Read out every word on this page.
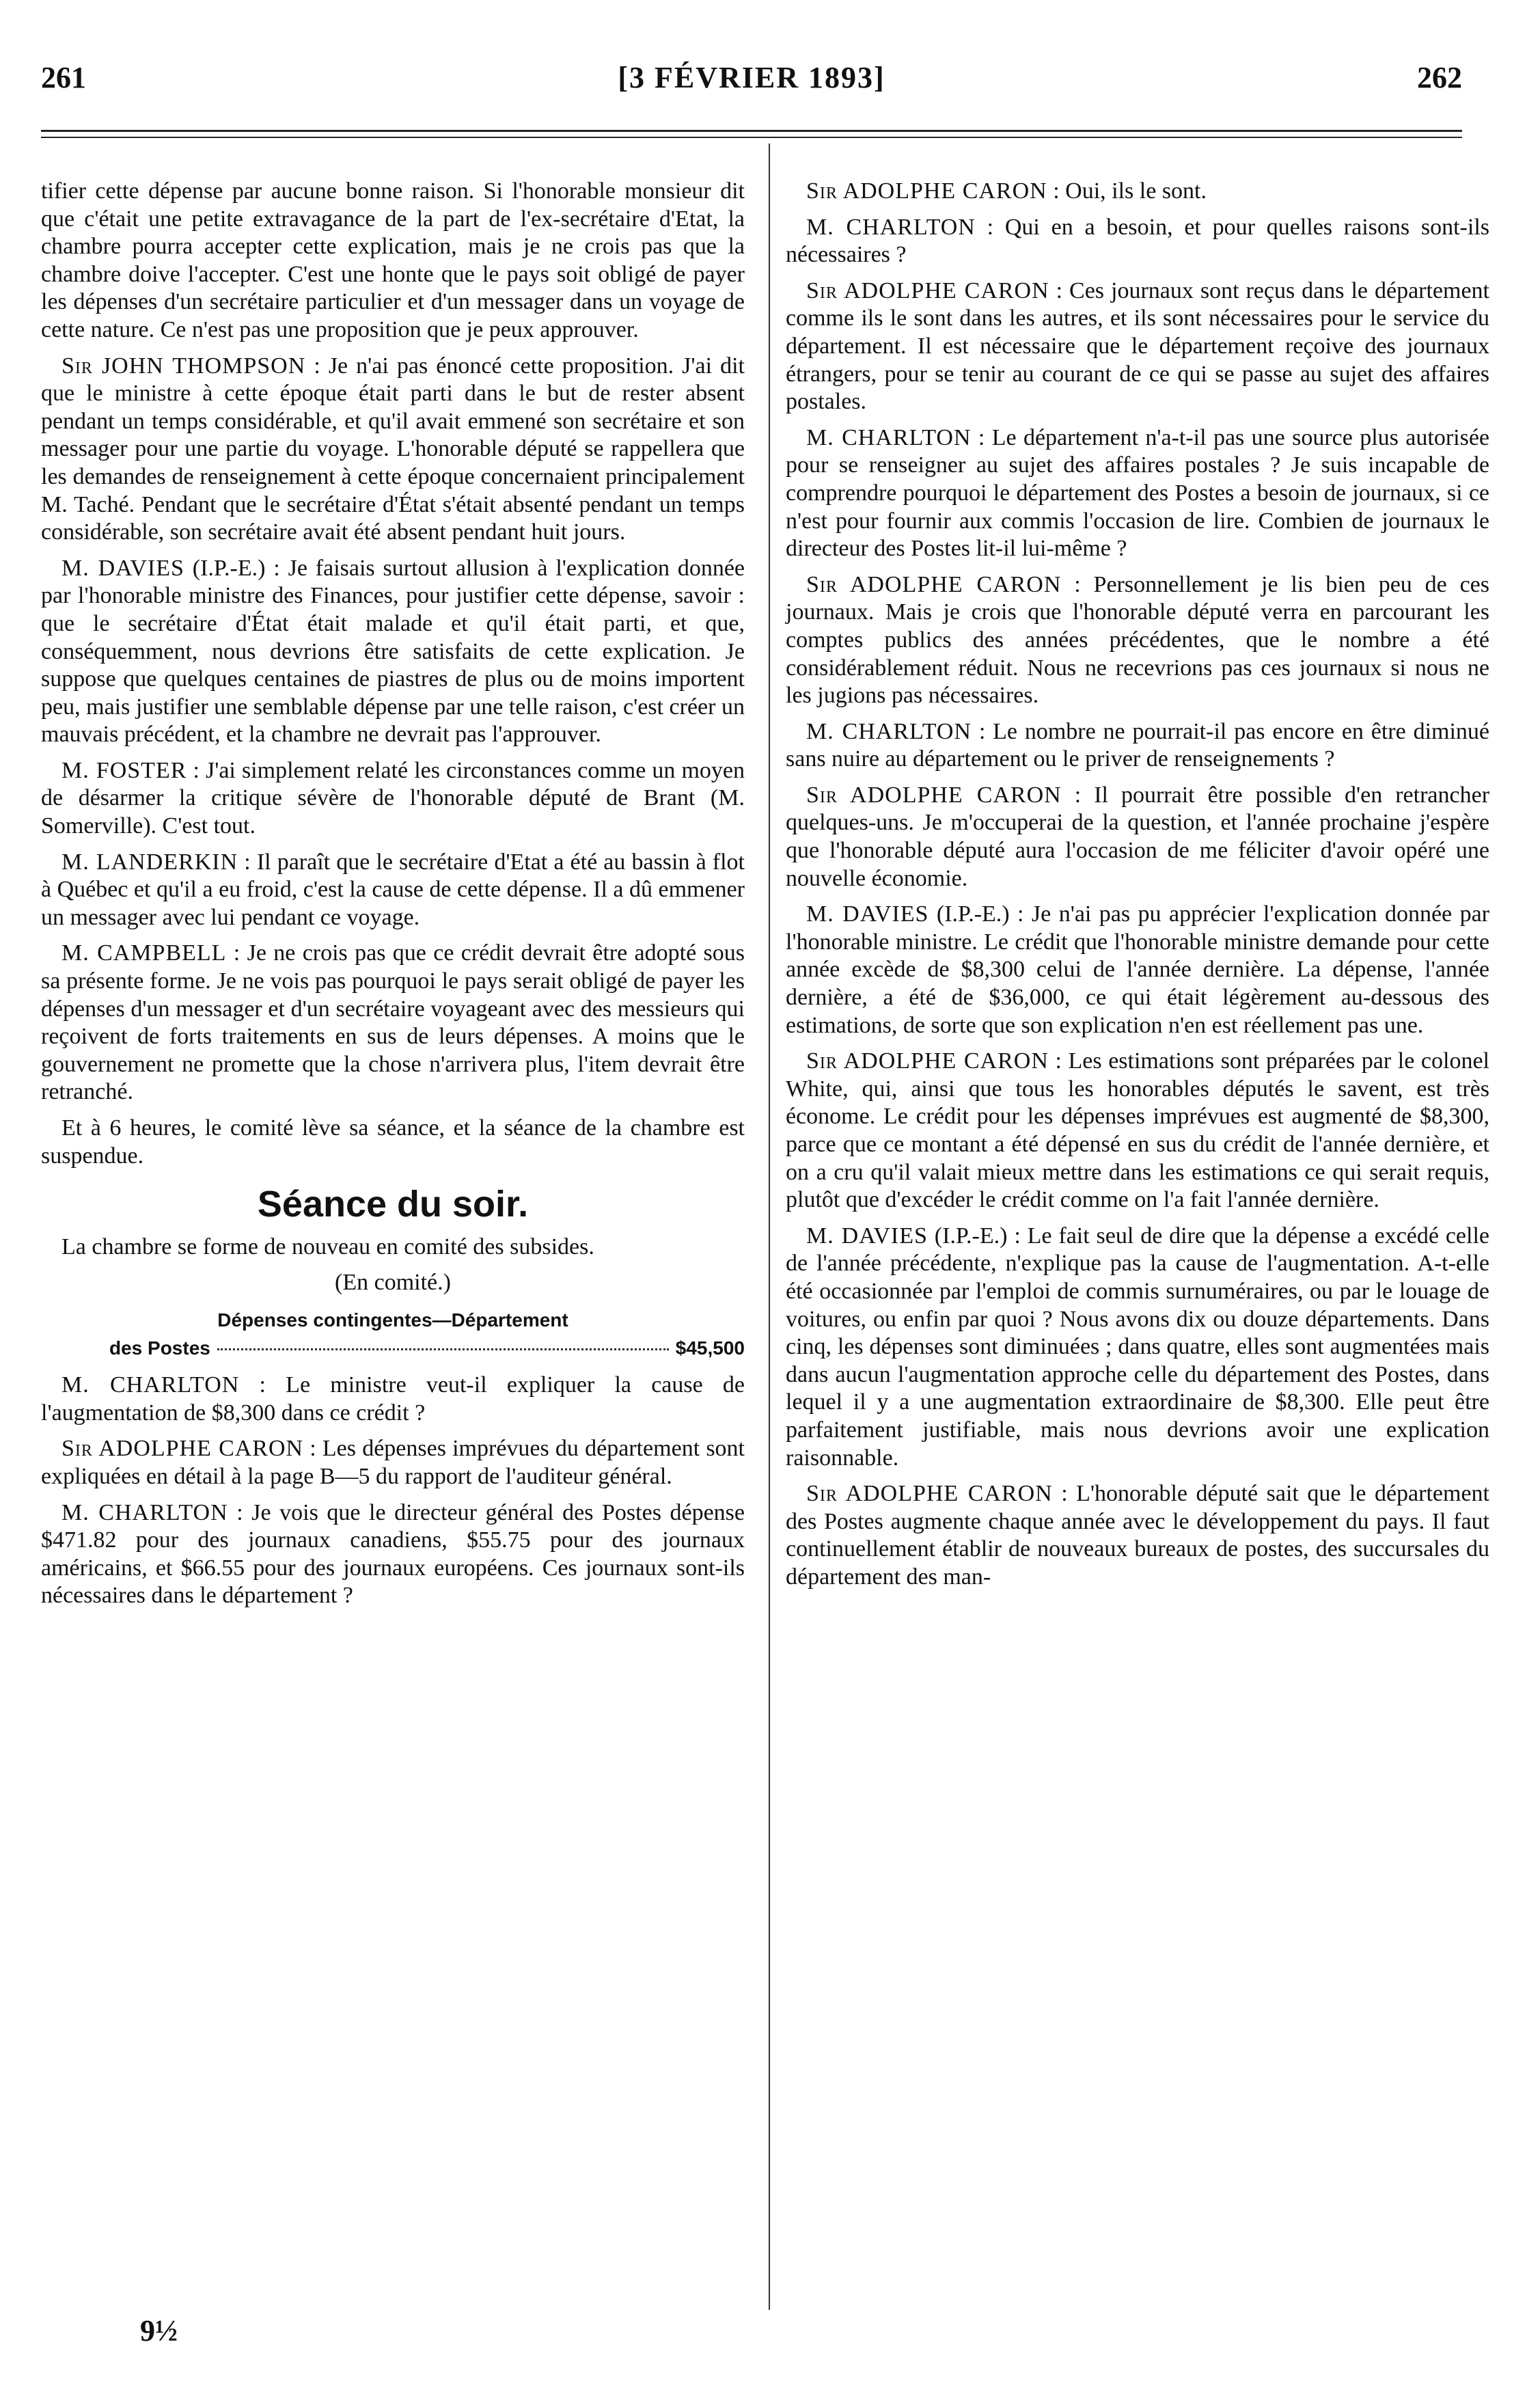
261	[3 FÉVRIER 1893]	262

tifier cette dépense par aucune bonne raison. Si l'honorable monsieur dit que c'était une petite extravagance de la part de l'ex-secrétaire d'Etat, la chambre pourra accepter cette explication, mais je ne crois pas que la chambre doive l'accepter. C'est une honte que le pays soit obligé de payer les dépenses d'un secrétaire particulier et d'un messager dans un voyage de cette nature. Ce n'est pas une proposition que je peux approuver.

Sir JOHN THOMPSON : Je n'ai pas énoncé cette proposition. J'ai dit que le ministre à cette époque était parti dans le but de rester absent pendant un temps considérable, et qu'il avait emmené son secrétaire et son messager pour une partie du voyage. L'honorable député se rappellera que les demandes de renseignement à cette époque concernaient principalement M. Taché. Pendant que le secrétaire d'État s'était absenté pendant un temps considérable, son secrétaire avait été absent pendant huit jours.

M. DAVIES (I.P.-E.) : Je faisais surtout allusion à l'explication donnée par l'honorable ministre des Finances, pour justifier cette dépense, savoir : que le secrétaire d'État était malade et qu'il était parti, et que, conséquemment, nous devrions être satisfaits de cette explication. Je suppose que quelques centaines de piastres de plus ou de moins importent peu, mais justifier une semblable dépense par une telle raison, c'est créer un mauvais précédent, et la chambre ne devrait pas l'approuver.

M. FOSTER : J'ai simplement relaté les circonstances comme un moyen de désarmer la critique sévère de l'honorable député de Brant (M. Somerville). C'est tout.

M. LANDERKIN : Il paraît que le secrétaire d'Etat a été au bassin à flot à Québec et qu'il a eu froid, c'est la cause de cette dépense. Il a dû emmener un messager avec lui pendant ce voyage.

M. CAMPBELL : Je ne crois pas que ce crédit devrait être adopté sous sa présente forme. Je ne vois pas pourquoi le pays serait obligé de payer les dépenses d'un messager et d'un secrétaire voyageant avec des messieurs qui reçoivent de forts traitements en sus de leurs dépenses. A moins que le gouvernement ne promette que la chose n'arrivera plus, l'item devrait être retranché.

Et à 6 heures, le comité lève sa séance, et la séance de la chambre est suspendue.

Séance du soir.

La chambre se forme de nouveau en comité des subsides.

(En comité.)
Dépenses contingentes—Département
des Postes	$45,500

M. CHARLTON : Le ministre veut-il expliquer la cause de l'augmentation de $8,300 dans ce crédit ?

Sir ADOLPHE CARON : Les dépenses imprévues du département sont expliquées en détail à la page B—5 du rapport de l'auditeur général.

M. CHARLTON : Je vois que le directeur général des Postes dépense $471.82 pour des journaux canadiens, $55.75 pour des journaux américains, et $66.55 pour des journaux européens. Ces journaux sont-ils nécessaires dans le département ?

Sir ADOLPHE CARON : Oui, ils le sont.

M. CHARLTON : Qui en a besoin, et pour quelles raisons sont-ils nécessaires ?

Sir ADOLPHE CARON : Ces journaux sont reçus dans le département comme ils le sont dans les autres, et ils sont nécessaires pour le service du département. Il est nécessaire que le département reçoive des journaux étrangers, pour se tenir au courant de ce qui se passe au sujet des affaires postales.

M. CHARLTON : Le département n'a-t-il pas une source plus autorisée pour se renseigner au sujet des affaires postales ? Je suis incapable de comprendre pourquoi le département des Postes a besoin de journaux, si ce n'est pour fournir aux commis l'occasion de lire. Combien de journaux le directeur des Postes lit-il lui-même ?

Sir ADOLPHE CARON : Personnellement je lis bien peu de ces journaux. Mais je crois que l'honorable député verra en parcourant les comptes publics des années précédentes, que le nombre a été considérablement réduit. Nous ne recevrions pas ces journaux si nous ne les jugions pas nécessaires.

M. CHARLTON : Le nombre ne pourrait-il pas encore en être diminué sans nuire au département ou le priver de renseignements ?

Sir ADOLPHE CARON : Il pourrait être possible d'en retrancher quelques-uns. Je m'occuperai de la question, et l'année prochaine j'espère que l'honorable député aura l'occasion de me féliciter d'avoir opéré une nouvelle économie.

M. DAVIES (I.P.-E.) : Je n'ai pas pu apprécier l'explication donnée par l'honorable ministre. Le crédit que l'honorable ministre demande pour cette année excède de $8,300 celui de l'année dernière. La dépense, l'année dernière, a été de $36,000, ce qui était légèrement au-dessous des estimations, de sorte que son explication n'en est réellement pas une.

Sir ADOLPHE CARON : Les estimations sont préparées par le colonel White, qui, ainsi que tous les honorables députés le savent, est très économe. Le crédit pour les dépenses imprévues est augmenté de $8,300, parce que ce montant a été dépensé en sus du crédit de l'année dernière, et on a cru qu'il valait mieux mettre dans les estimations ce qui serait requis, plutôt que d'excéder le crédit comme on l'a fait l'année dernière.

M. DAVIES (I.P.-E.) : Le fait seul de dire que la dépense a excédé celle de l'année précédente, n'explique pas la cause de l'augmentation. A-t-elle été occasionnée par l'emploi de commis surnuméraires, ou par le louage de voitures, ou enfin par quoi ? Nous avons dix ou douze départements. Dans cinq, les dépenses sont diminuées ; dans quatre, elles sont augmentées mais dans aucun l'augmentation approche celle du département des Postes, dans lequel il y a une augmentation extraordinaire de $8,300. Elle peut être parfaitement justifiable, mais nous devrions avoir une explication raisonnable.

Sir ADOLPHE CARON : L'honorable député sait que le département des Postes augmente chaque année avec le développement du pays. Il faut continuellement établir de nouveaux bureaux de postes, des succursales du département des man-

9½
